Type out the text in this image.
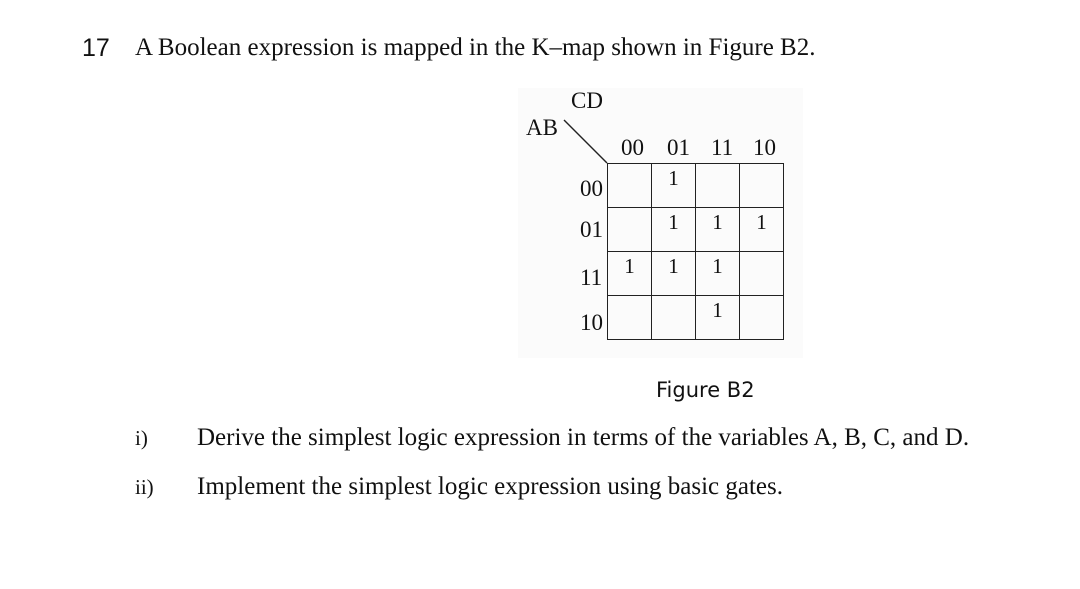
17 A Boolean expression is mapped in the K–map shown in Figure B2.
CD
AB
00 01 11 10
00
01
11
10
	1		
	1	1	1
1	1	1	
		1	
Figure B2
i) Derive the simplest logic expression in terms of the variables A, B, C, and D.
ii) Implement the simplest logic expression using basic gates.
